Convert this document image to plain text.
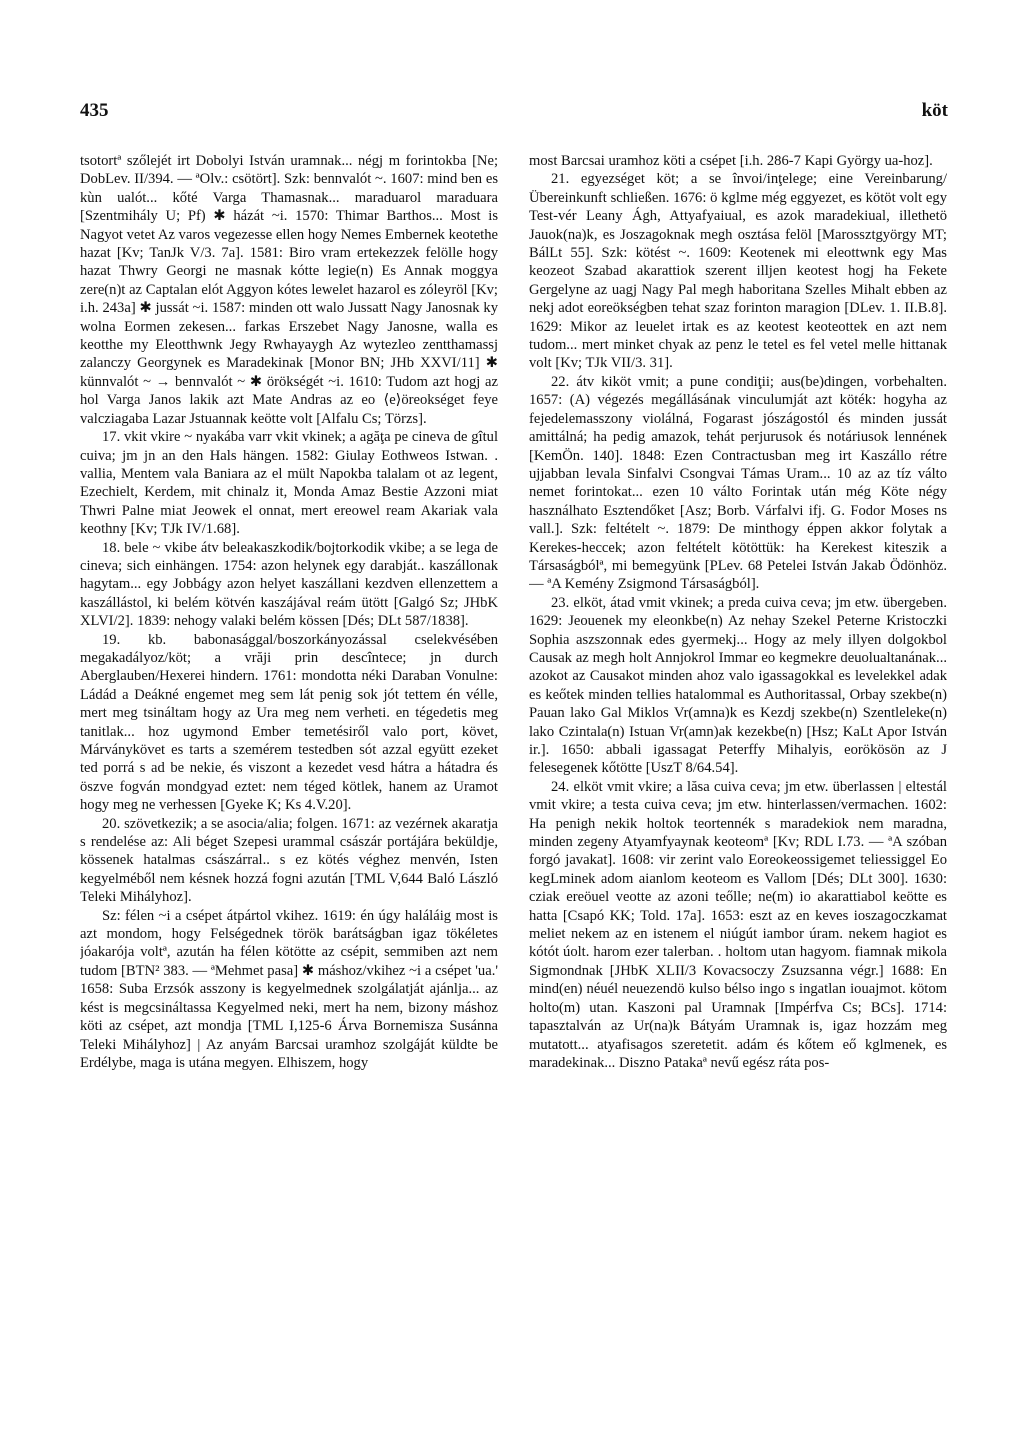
435	köt

tsotortª szőlejét irt Dobolyi István uramnak... négj m forintokba [Ne; DobLev. II/394. — ªOlv.: csötört]. Szk: bennvalót ~. 1607: mind ben es kùn ualót... kőté Varga Thamasnak... maraduarol maraduara [Szentmihály U; Pf) ✱ házát ~i. 1570: Thimar Barthos... Most is Nagyot vetet Az varos vegezesse ellen hogy Nemes Embernek keotethe hazat [Kv; TanJk V/3. 7a]. 1581: Biro vram ertekezzek felölle hogy hazat Thwry Georgi ne masnak kótte legie(n) Es Annak moggya zere(n)t az Captalan elót Aggyon kótes lewelet hazarol es zóleyröl [Kv; i.h. 243a] ✱ jussát ~i. 1587: minden ott walo Jussatt Nagy Janosnak ky wolna Eormen zekesen... farkas Erszebet Nagy Janosne, walla es keotthe my Eleotthwnk Jegy Rwhayaygh Az wytezleo zentthamassj zalanczy Georgynek es Maradekinak [Monor BN; JHb XXVI/11] ✱ künnvalót ~ → bennvalót ~ ✱ örökségét ~i. 1610: Tudom azt hogj az hol Varga Janos lakik azt Mate Andras az eo ⟨e⟩öreokséget feye valcziagaba Lazar Jstuannak keötte volt [Alfalu Cs; Törzs].

17. vkit vkire ~ nyakába varr vkit vkinek; a agăţa pe cineva de gîtul cuiva; jm jn an den Hals hängen. 1582: Giulay Eothweos Istwan. . vallia, Mentem vala Baniara az el mült Napokba talalam ot az legent, Ezechielt, Kerdem, mit chinalz it, Monda Amaz Bestie Azzoni miat Thwri Palne miat Jeowek el onnat, mert ereowel ream Akariak vala keothny [Kv; TJk IV/1.68].

18. bele ~ vkibe átv beleakaszkodik/bojtorkodik vkibe; a se lega de cineva; sich einhängen. 1754: azon helynek egy darabját.. kaszállonak hagytam... egy Jobbágy azon helyet kaszállani kezdven ellenzettem a kaszállástol, ki belém kötvén kaszájával reám ütött [Galgó Sz; JHbK XLVI/2]. 1839: nehogy valaki belém kössen [Dés; DLt 587/1838].

19. kb. babonasággal/boszorkányozással cselekvésében megakadályoz/köt; a vrăji prin descîntece; jn durch Aberglauben/Hexerei hindern. 1761: mondotta néki Daraban Vonulne: Ládád a Deákné engemet meg sem lát penig sok jót tettem én vélle, mert meg tsináltam hogy az Ura meg nem verheti. en tégedetis meg tanitlak... hoz ugymond Ember temetésiről valo port, követ, Márványkövet es tarts a szemérem testedben sót azzal együtt ezeket ted porrá s ad be nekie, és viszont a kezedet vesd hátra a hátadra és öszve fogván mondgyad eztet: nem téged kötlek, hanem az Uramot hogy meg ne verhessen [Gyeke K; Ks 4.V.20].

20. szövetkezik; a se asocia/alia; folgen. 1671: az vezérnek akaratja s rendelése az: Ali béget Szepesi urammal császár portájára beküldje, kössenek hatalmas császárral.. s ez kötés véghez menvén, Isten kegyelméből nem késnek hozzá fogni azután [TML V,644 Baló László Teleki Mihályhoz].

Sz: félen ~i a csépet átpártol vkihez. 1619: én úgy haláláig most is azt mondom, hogy Felségednek török barátságban igaz tökéletes jóakarója voltª, azután ha félen kötötte az csépit, semmiben azt nem tudom [BTN² 383. — ªMehmet pasa] ✱ máshoz/vkihez ~i a csépet 'ua.' 1658: Suba Erzsók asszony is kegyelmednek szolgálatját ajánlja... az kést is megcsináltassa Kegyelmed neki, mert ha nem, bizony máshoz köti az csépet, azt mondja [TML I,125-6 Árva Bornemisza Susánna Teleki Mihályhoz] | Az anyám Barcsai uramhoz szolgáját küldte be Erdélybe, maga is utána megyen. Elhiszem, hogy

most Barcsai uramhoz köti a csépet [i.h. 286-7 Kapi György ua-hoz].

21. egyezséget köt; a se învoi/inţelege; eine Vereinbarung/Übereinkunft schließen. 1676: ö kglme még eggyezet, es kötöt volt egy Test-vér Leany Ágh, Attyafyaiual, es azok maradekiual, illethetö Jauok(na)k, es Joszagoknak megh osztása felöl [Marossztgyörgy MT; BálLt 55]. Szk: kötést ~. 1609: Keotenek mi eleottwnk egy Mas keozeot Szabad akarattiok szerent illjen keotest hogj ha Fekete Gergelyne az uagj Nagy Pal megh haboritana Szelles Mihalt ebben az nekj adot eoreökségben tehat szaz forinton maragion [DLev. 1. II.B.8]. 1629: Mikor az leuelet irtak es az keotest keoteottek en azt nem tudom... mert minket chyak az penz le tetel es fel vetel melle hittanak volt [Kv; TJk VII/3. 31].

22. átv kiköt vmit; a pune condiţii; aus(be)dingen, vorbehalten. 1657: (A) végezés megállásának vinculumját azt köték: hogyha az fejedelemasszony violálná, Fogarast jószágostól és minden jussát amittálná; ha pedig amazok, tehát perjurusok és notáriusok lennének [KemÖn. 140]. 1848: Ezen Contractusban meg irt Kaszállo rétre ujjabban levala Sinfalvi Csongvai Támas Uram... 10 az az tíz válto nemet forintokat... ezen 10 válto Forintak után még Köte négy használhato Esztendőket [Asz; Borb. Várfalvi ifj. G. Fodor Moses ns vall.]. Szk: feltételt ~. 1879: De minthogy éppen akkor folytak a Kerekes-heccek; azon feltételt kötöttük: ha Kerekest kiteszik a Társaságbólª, mi bemegyünk [PLev. 68 Petelei István Jakab Ödönhöz. — ªA Kemény Zsigmond Társaságból].

23. elköt, átad vmit vkinek; a preda cuiva ceva; jm etw. übergeben. 1629: Jeouenek my eleonkbe(n) Az nehay Szekel Peterne Kristoczki Sophia aszszonnak edes gyermekj... Hogy az mely illyen dolgokbol Causak az megh holt Annjokrol Immar eo kegmekre deuolualtanának... azokot az Causakot minden ahoz valo igassagokkal es levelekkel adak es keőtek minden tellies hatalommal es Authoritassal, Orbay szekbe(n) Pauan lako Gal Miklos Vr(amna)k es Kezdj szekbe(n) Szentleleke(n) lako Czintala(n) Istuan Vr(amn)ak kezekbe(n) [Hsz; KaLt Apor István ir.]. 1650: abbali igassagat Peterffy Mihalyis, eorökösön az J felesegenek kőtötte [UszT 8/64.54].

24. elköt vmit vkire; a lăsa cuiva ceva; jm etw. überlassen | eltestál vmit vkire; a testa cuiva ceva; jm etw. hinterlassen/vermachen. 1602: Ha penigh nekik holtok teortennék s maradekiok nem maradna, minden zegeny Atyamfyaynak keoteomª [Kv; RDL I.73. — ªA szóban forgó javakat]. 1608: vir zerint valo Eoreokeossigemet teliessiggel Eo kegLminek adom aianlom keoteom es Vallom [Dés; DLt 300]. 1630: cziak ereöuel veotte az azoni teőlle; ne(m) io akarattiabol keötte es hatta [Csapó KK; Told. 17a]. 1653: eszt az en keves ioszagoczkamat meliet nekem az en istenem el niúgút iambor úram. nekem hagiot es kótót úolt. harom ezer talerban. . holtom utan hagyom. fiamnak mikola Sigmondnak [JHbK XLII/3 Kovacsoczy Zsuzsanna végr.] 1688: En mind(en) néuél neuezendö kulso bélso ingo s ingatlan iouajmot. kötom holto(m) utan. Kaszoni pal Uramnak [Impérfva Cs; BCs]. 1714: tapasztalván az Ur(na)k Bátyám Uramnak is, igaz hozzám meg mutatott... atyafisagos szeretetit. adám és kőtem eő kglmenek, es maradekinak... Diszno Patakaª nevű egész ráta pos-
